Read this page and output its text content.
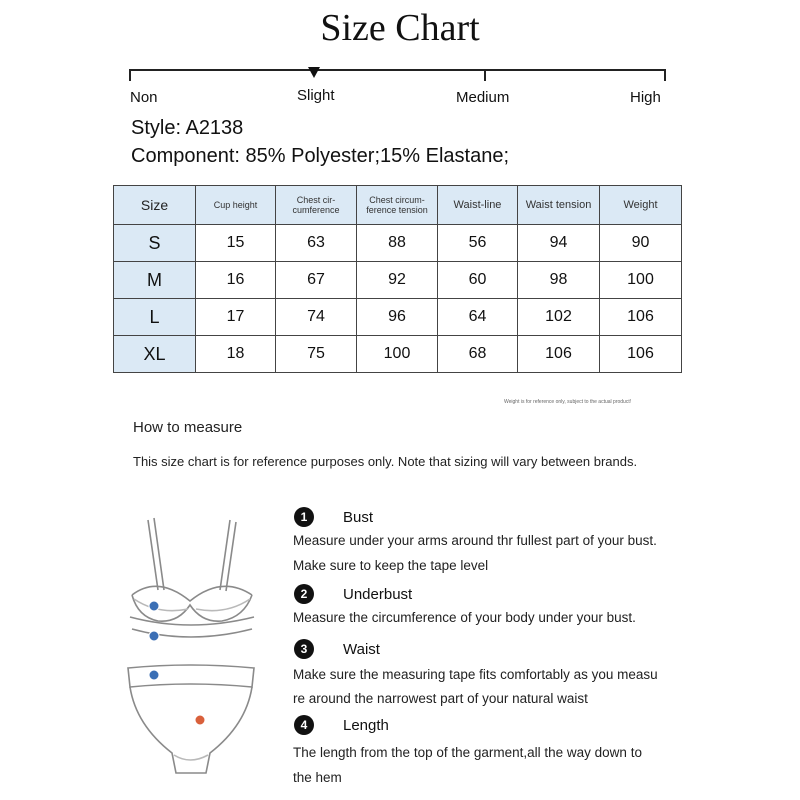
Size Chart
Non	Slight	Medium	High
Style: A2138
Component: 85% Polyester;15% Elastane;
Size	Cup height	Chest cir-cumference	Chest circum-ference tension	Waist-line	Waist tension	Weight
S	15	63	88	56	94	90
M	16	67	92	60	98	100
L	17	74	96	64	102	106
XL	18	75	100	68	106	106
Weight is for reference only, subject to the actual product!
How to measure
This size chart is for reference purposes only. Note that sizing will vary between brands.
1	Bust
Measure under your arms around thr fullest part of your bust.
Make sure to keep the tape level
2	Underbust
Measure the circumference of your body under your bust.
3	Waist
Make sure the measuring tape fits comfortably as you measu
re around the narrowest part of your natural waist
4	Length
The length from the top of the garment,all the way down to
the hem
